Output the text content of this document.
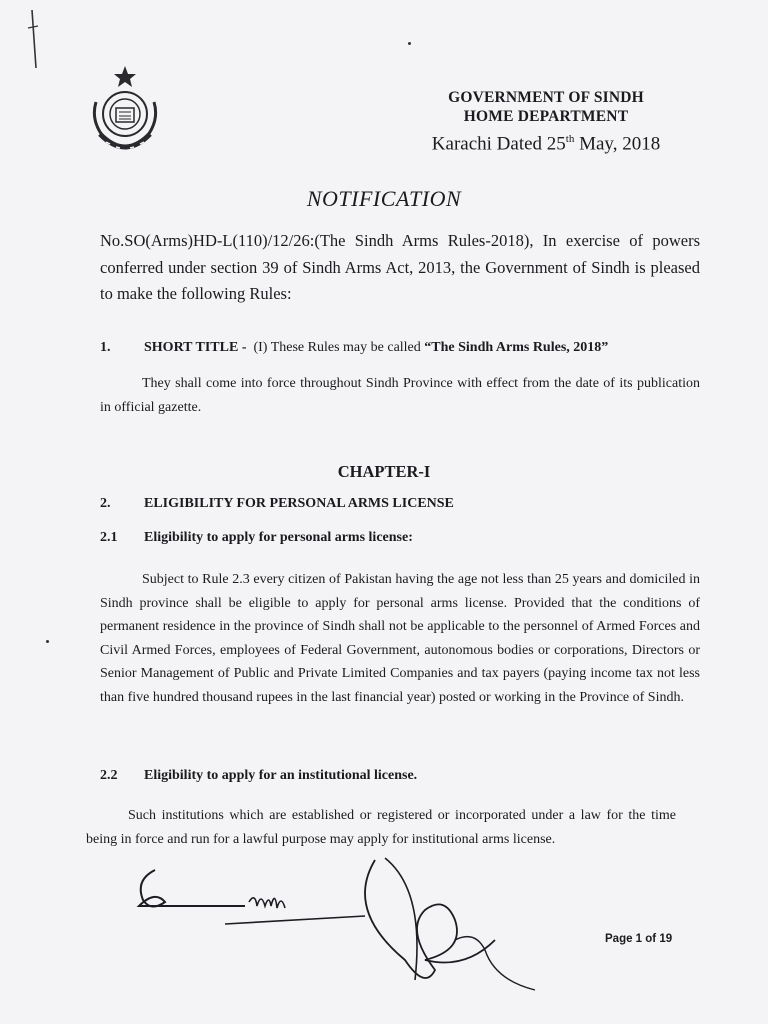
GOVERNMENT OF SINDH
HOME DEPARTMENT
Karachi Dated 25th May, 2018
NOTIFICATION
No.SO(Arms)HD-L(110)/12/26:(The Sindh Arms Rules-2018), In exercise of powers conferred under section 39 of Sindh Arms Act, 2013, the Government of Sindh is pleased to make the following Rules:
1. SHORT TITLE - (I) These Rules may be called “The Sindh Arms Rules, 2018”
They shall come into force throughout Sindh Province with effect from the date of its publication in official gazette.
CHAPTER-I
2. ELIGIBILITY FOR PERSONAL ARMS LICENSE
2.1 Eligibility to apply for personal arms license:
Subject to Rule 2.3 every citizen of Pakistan having the age not less than 25 years and domiciled in Sindh province shall be eligible to apply for personal arms license. Provided that the conditions of permanent residence in the province of Sindh shall not be applicable to the personnel of Armed Forces and Civil Armed Forces, employees of Federal Government, autonomous bodies or corporations, Directors or Senior Management of Public and Private Limited Companies and tax payers (paying income tax not less than five hundred thousand rupees in the last financial year) posted or working in the Province of Sindh.
2.2 Eligibility to apply for an institutional license.
Such institutions which are established or registered or incorporated under a law for the time being in force and run for a lawful purpose may apply for institutional arms license.
Page 1 of 19
